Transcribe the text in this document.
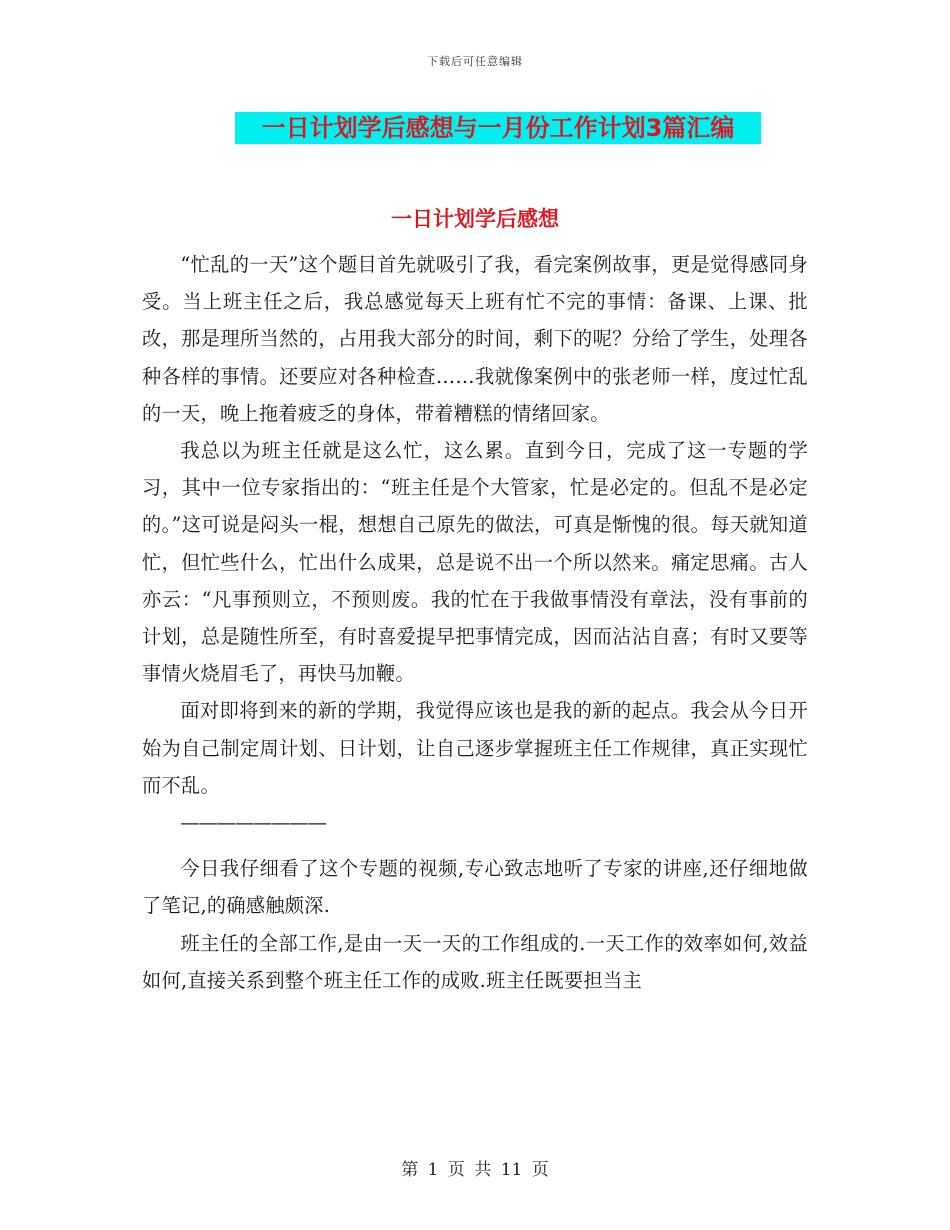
下载后可任意编辑
一日计划学后感想与一月份工作计划3篇汇编
一日计划学后感想

“忙乱的一天”这个题目首先就吸引了我，看完案例故事，更是觉得感同身受。当上班主任之后，我总感觉每天上班有忙不完的事情：备课、上课、批改，那是理所当然的，占用我大部分的时间，剩下的呢？分给了学生，处理各种各样的事情。还要应对各种检查……我就像案例中的张老师一样，度过忙乱的一天，晚上拖着疲乏的身体，带着糟糕的情绪回家。

我总以为班主任就是这么忙，这么累。直到今日，完成了这一专题的学习，其中一位专家指出的：“班主任是个大管家，忙是必定的。但乱不是必定的。”这可说是闷头一棍，想想自己原先的做法，可真是惭愧的很。每天就知道忙，但忙些什么，忙出什么成果，总是说不出一个所以然来。痛定思痛。古人亦云：“凡事预则立，不预则废。我的忙在于我做事情没有章法，没有事前的计划，总是随性所至，有时喜爱提早把事情完成，因而沾沾自喜；有时又要等事情火烧眉毛了，再快马加鞭。

面对即将到来的新的学期，我觉得应该也是我的新的起点。我会从今日开始为自己制定周计划、日计划，让自己逐步掌握班主任工作规律，真正实现忙而不乱。

————————

今日我仔细看了这个专题的视频,专心致志地听了专家的讲座,还仔细地做了笔记,的确感触颇深.

班主任的全部工作,是由一天一天的工作组成的.一天工作的效率如何,效益如何,直接关系到整个班主任工作的成败.班主任既要担当主

第 1 页 共 11 页
